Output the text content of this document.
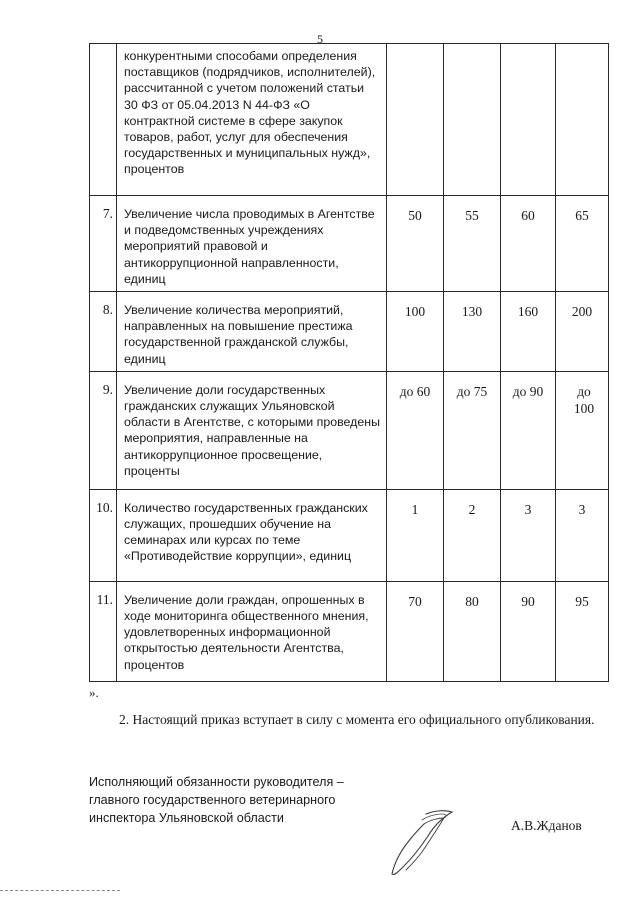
5
	конкурентными способами определения поставщиков (подрядчиков, исполнителей), рассчитанной с учетом положений статьи 30 ФЗ от 05.04.2013 N 44-ФЗ «О контрактной системе в сфере закупок товаров, работ, услуг для обеспечения государственных и муниципальных нужд», процентов				
7.	Увеличение числа проводимых в Агентстве и подведомственных учреждениях мероприятий правовой и антикоррупционной направленности, единиц	50	55	60	65
8.	Увеличение количества мероприятий, направленных на повышение престижа государственной гражданской службы, единиц	100	130	160	200
9.	Увеличение доли государственных гражданских служащих Ульяновской области в Агентстве, с которыми проведены мероприятия, направленные на антикоррупционное просвещение, проценты	до 60	до 75	до 90	до 100
10.	Количество государственных гражданских служащих, прошедших обучение на семинарах или курсах по теме «Противодействие коррупции», единиц	1	2	3	3
11.	Увеличение доли граждан, опрошенных в ходе мониторинга общественного мнения, удовлетворенных информационной открытостью деятельности Агентства, процентов	70	80	90	95
».

2. Настоящий приказ вступает в силу с момента его официального опубликования.

Исполняющий обязанности руководителя –
главного государственного ветеринарного
инспектора Ульяновской области	А.В.Жданов
